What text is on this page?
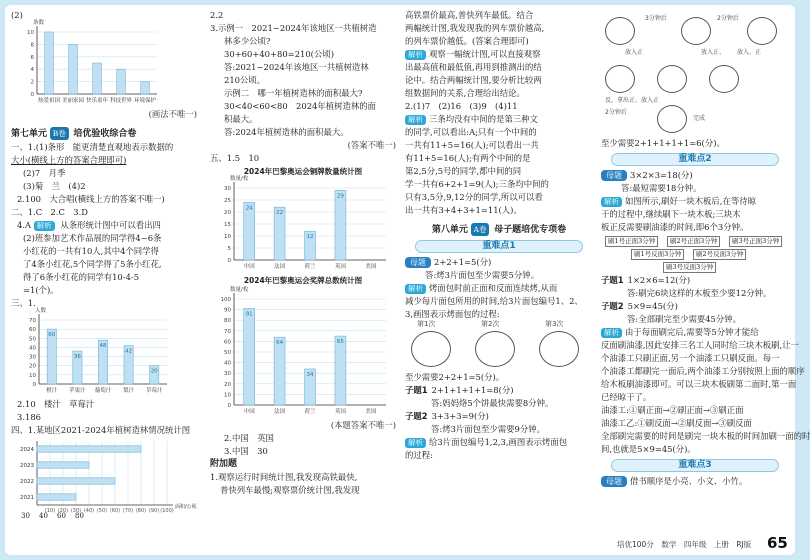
(2)
0
2
4
6
8
10
条数
热爱祖国 美丽家园 快乐童年 科技世界 环境保护
(画法不唯一)
第七单元 B卷 培优验收综合卷
一、1.(1)条形　能更清楚直观地表示数据的
大小(横线上方的答案合理即可)
(2)7　月季
(3)菊　兰　(4)2
2.100　大合唱(横线上方的答案不唯一)
二、1.C　2.C　3.D
4.A 解析 从条形统计图中可以看出四
(2)班参加艺术作品展的同学得4~6条
小红花的一共有10人,其中4个同学得
了4条小红花,5个同学得了5条小红花,
得了6条小红花的同学有10-4-5
=1(个)。
三、1.
0
10
20
30
40
50
60
70
人数
60
橙汁
36
苹果汁
48
葡萄汁
42
梨汁
20
草莓汁
2.10　楼汁　草莓汁
3.186
四、1.某地区2021-2024年植树造林情况统计图
(10) (20) (30) (40) (50) (60) (70) (80) (90) (100)
面积/公顷
2024
2023
2022
2021
30 40 60 80
2.2
3.示例一　2021~2024年该地区一共植树造
林多少公顷?
30+60+40+80=210(公顷)
答:2021~2024年该地区一共植树造林
210公顷。
示例二　哪一年植树造林的面积最大?
30<40<60<80　2024年植树造林的面
积最大。
答:2024年植树造林的面积最大。
(答案不唯一)
五、1.5　10
2024年巴黎奥运会铜牌数量统计图
0
5
10
15
20
25
30
数量/枚
24
中国
22
法国
12
荷兰
29
英国	美国
2024年巴黎奥运会奖牌总数统计图
0
10
20
30
40
50
60
70
80
90
100
数量/枚
91
中国
64
法国
34
荷兰
65
英国	美国
(本题答案不唯一)
2.中国　英国
3.中国　30
附加题
1.观察运行时间统计图,我发现高铁最快,
普快列车最慢;观察票价统计图,我发现
高铁票价最高,普快列车最低。结合
两幅统计图,我发现我的列车票价越高,
的列车票价越低。(答案合理即可)
解析 观察一幅统计图,可以直接观察
出最高值和最低值,再用到推测出的结
论中。结合两幅统计图,要分析比较两
组数据间的关系,合理给出结论。
2.(1)7　(2)16　(3)9　(4)11
解析 三条均没有中间的是第三种文
的同学,可以看出:A;只有一个中间的
一共有11+5=16(人);可以看出一共
有11+5=16(人);有两个中间的是
第2,5分,5号的同学,都中间的同
学一共有6+2+1=9(人);三条均中间的
只有3,5分,9,12分的同学,所以可以看
出一共有3+4+3+1=11(人)。
第八单元 A卷 母子题培优专项卷
重难点1
母题 2+2+1=5(分)
答:烤3片面包至少需要5分钟。
解析 烤面包时前正面和反面连续烤,从而
减少每片面包所用的时间,给3片面包编号1、2、
3,画图表示烤面包的过程:
第1次	第2次	第3次
至少需要2+2+1=5(分)。
子题1 2+1+1+1+1=8(分)
答:妈妈烙5个饼最快需要8分钟。
子题2 3+3+3=9(分)
答:烤3片面包至少需要9分钟。
解析 给3片面包编号1,2,3,画图表示烤面包
的过程:
3分钟后	2分钟后
放入、正
放入正、
放入正
反、拿出正、放入正
2分钟后
完成
至少需要2+1+1+1+1=6(分)。
重难点2
母题 3×2×3=18(分)
答:最短需要18分钟。
解析 如图所示,刷好一块木板后,在等待晾
干的过程中,继续刷下一块木板;三块木
板正反需要刷油漆的时间,即6个3分钟。
刷1号正面3分钟	刷2号正面3分钟	刷3号正面3分钟
刷1号反面3分钟	刷2号反面3分钟
刷3号反面3分钟
子题1 1×2×6=12(分)
答:刷完6块这样的木板至少要12分钟。
子题2 5×9=45(分)
答:全部刷完至少需要45分钟。
解析 由于每面刷完后,需要等5分钟才能给
反面刷油漆,因此安排三名工人同时给三块木板刷,让一
个油漆工只刷正面,另一个油漆工只刷反面。每一
个油漆工都刷完一面后,两个油漆工分别按照上面的顺序
给木板刷油漆即可。可以三块木板刷第二面时,第一面
已经晾干了。
油漆工:①刷正面→②刷正面→③刷正面
油漆工乙:①刷反面→②刷反面→③刷反面
全部刷完需要的时间是刷完一块木板的时间加刷一面的时
间,也就是5×9=45(分)。
重难点3
母题 借书顺序是小亮、小文、小竹。
培优100分　数学　四年级　上册　RJ版 65
